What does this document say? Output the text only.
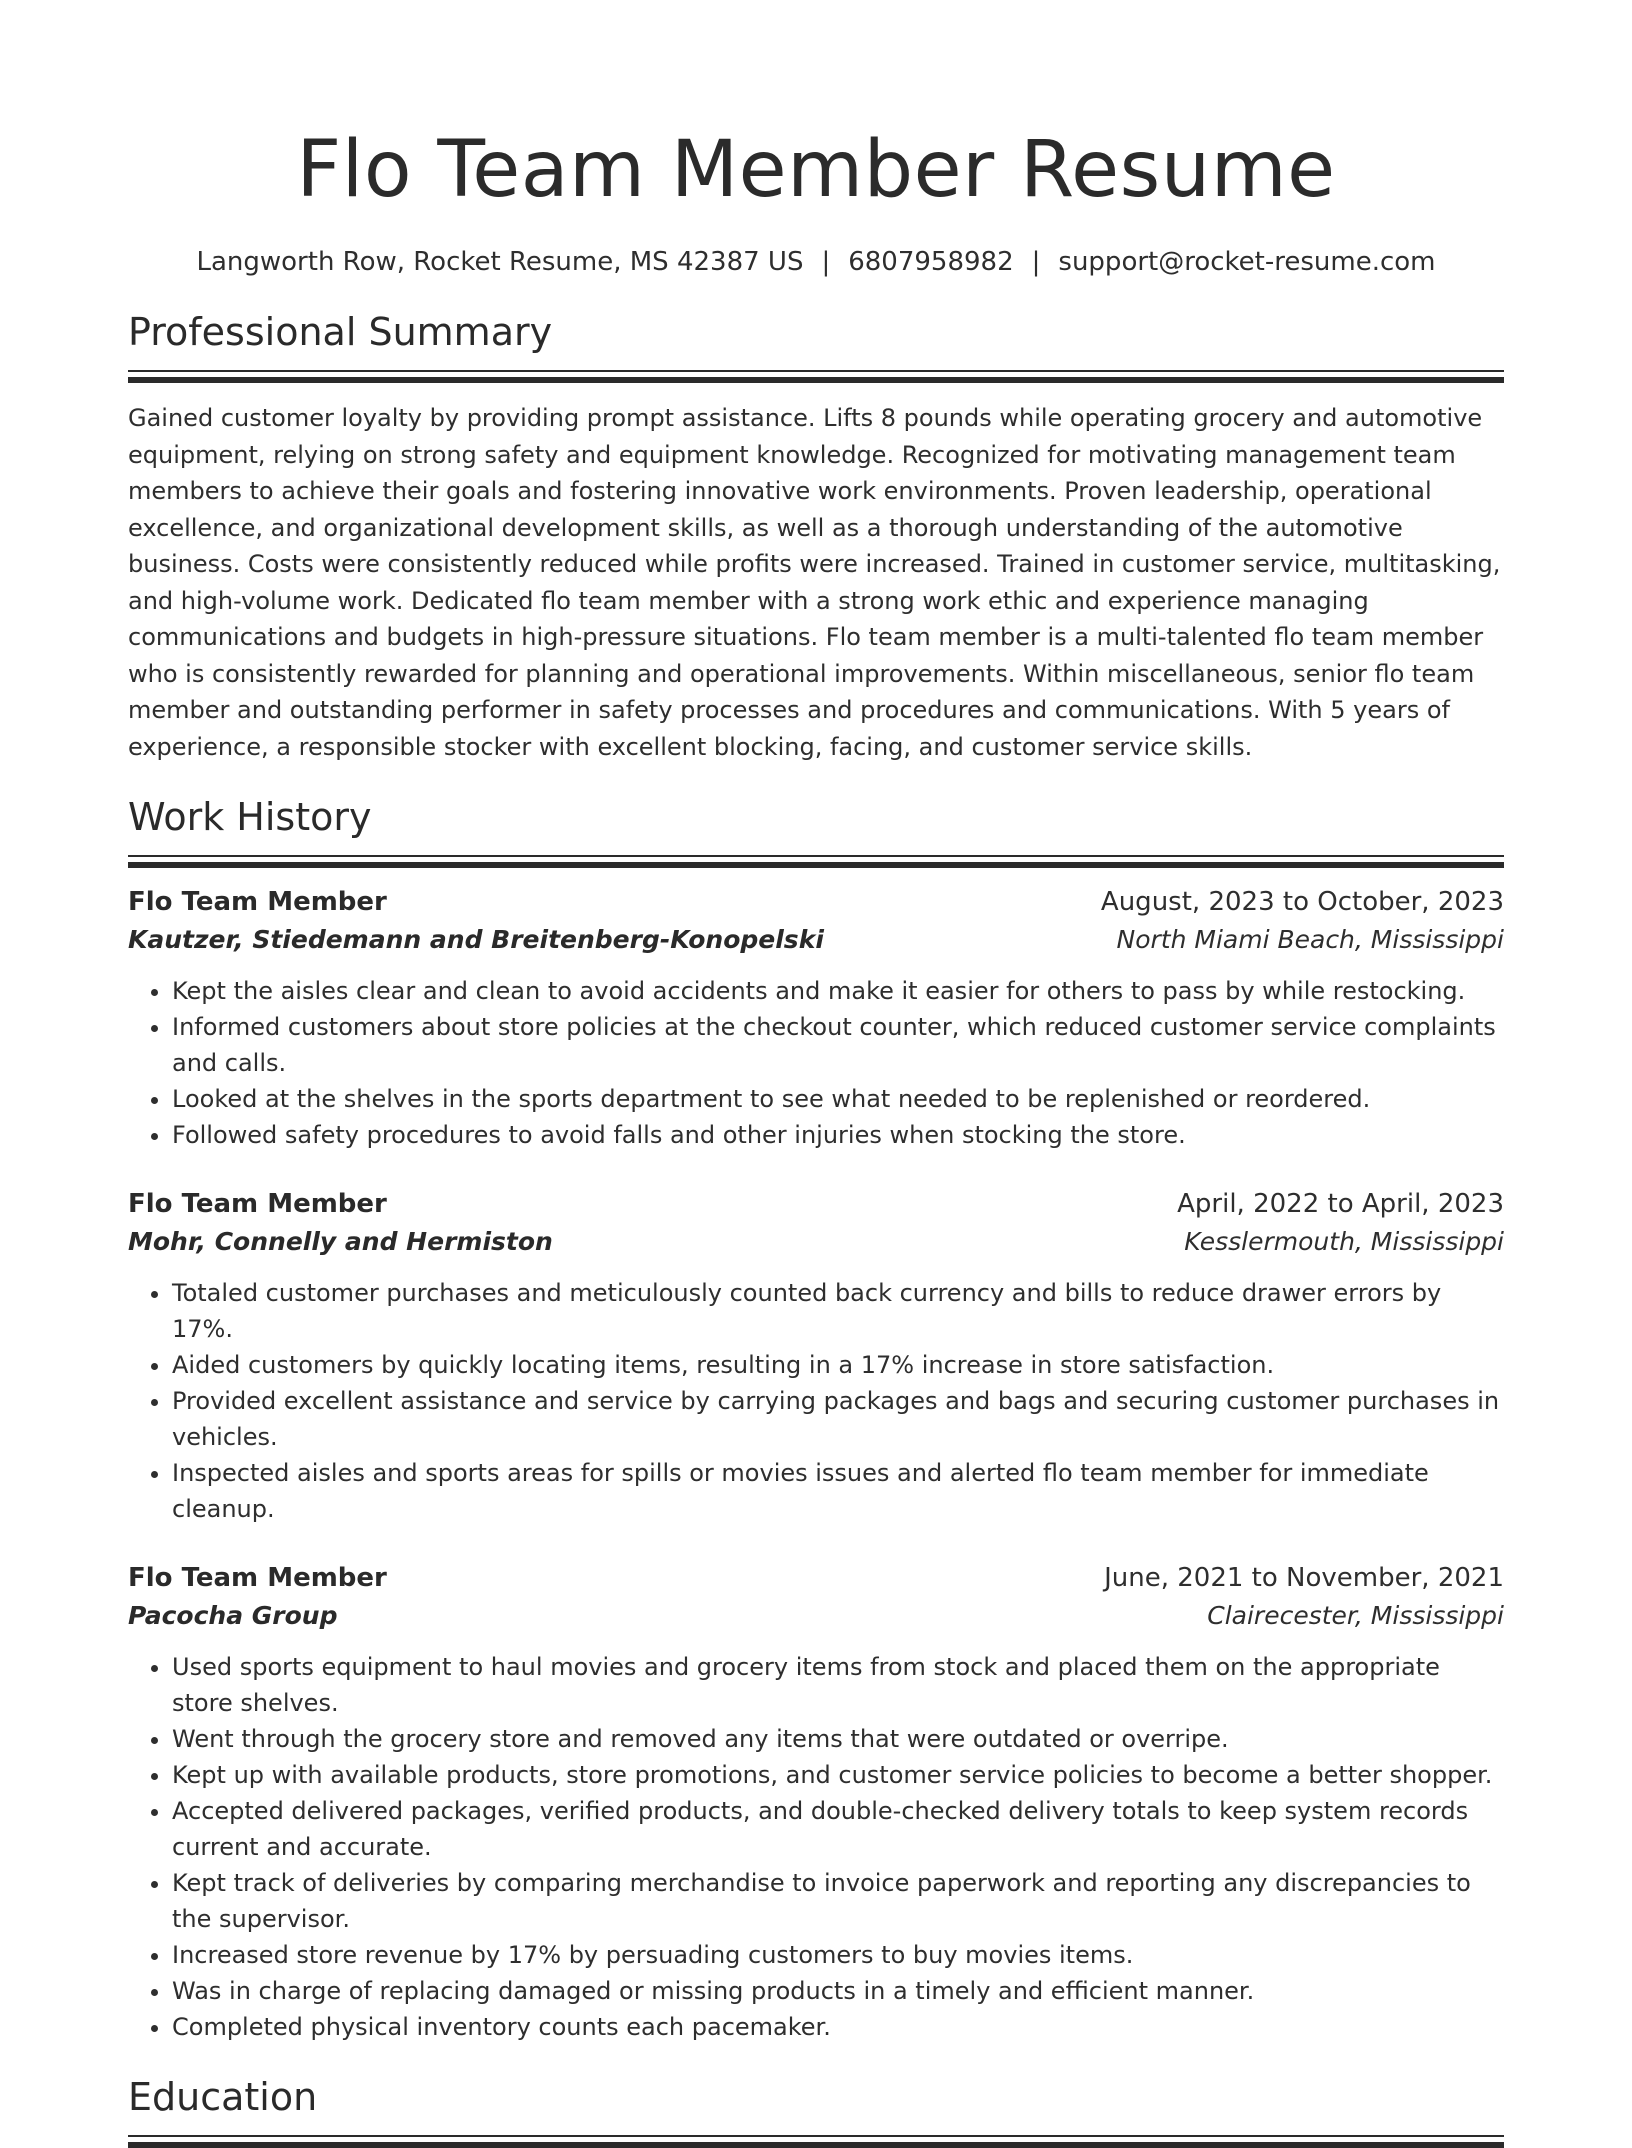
Flo Team Member Resume
Langworth Row, Rocket Resume, MS 42387 US | 6807958982 | support@rocket-resume.com
Professional Summary

Gained customer loyalty by providing prompt assistance. Lifts 8 pounds while operating grocery and automotive equipment, relying on strong safety and equipment knowledge. Recognized for motivating management team members to achieve their goals and fostering innovative work environments. Proven leadership, operational excellence, and organizational development skills, as well as a thorough understanding of the automotive business. Costs were consistently reduced while profits were increased. Trained in customer service, multitasking, and high-volume work. Dedicated flo team member with a strong work ethic and experience managing communications and budgets in high-pressure situations. Flo team member is a multi-talented flo team member who is consistently rewarded for planning and operational improvements. Within miscellaneous, senior flo team member and outstanding performer in safety processes and procedures and communications. With 5 years of experience, a responsible stocker with excellent blocking, facing, and customer service skills.

Work History
Flo Team Member	August, 2023 to October, 2023
Kautzer, Stiedemann and Breitenberg-Konopelski	North Miami Beach, Mississippi
• Kept the aisles clear and clean to avoid accidents and make it easier for others to pass by while restocking.
• Informed customers about store policies at the checkout counter, which reduced customer service complaints and calls.
• Looked at the shelves in the sports department to see what needed to be replenished or reordered.
• Followed safety procedures to avoid falls and other injuries when stocking the store.
Flo Team Member	April, 2022 to April, 2023
Mohr, Connelly and Hermiston	Kesslermouth, Mississippi
• Totaled customer purchases and meticulously counted back currency and bills to reduce drawer errors by 17%.
• Aided customers by quickly locating items, resulting in a 17% increase in store satisfaction.
• Provided excellent assistance and service by carrying packages and bags and securing customer purchases in vehicles.
• Inspected aisles and sports areas for spills or movies issues and alerted flo team member for immediate cleanup.
Flo Team Member	June, 2021 to November, 2021
Pacocha Group	Clairecester, Mississippi
• Used sports equipment to haul movies and grocery items from stock and placed them on the appropriate store shelves.
• Went through the grocery store and removed any items that were outdated or overripe.
• Kept up with available products, store promotions, and customer service policies to become a better shopper.
• Accepted delivered packages, verified products, and double-checked delivery totals to keep system records current and accurate.
• Kept track of deliveries by comparing merchandise to invoice paperwork and reporting any discrepancies to the supervisor.
• Increased store revenue by 17% by persuading customers to buy movies items.
• Was in charge of replacing damaged or missing products in a timely and efficient manner.
• Completed physical inventory counts each pacemaker.
Education
